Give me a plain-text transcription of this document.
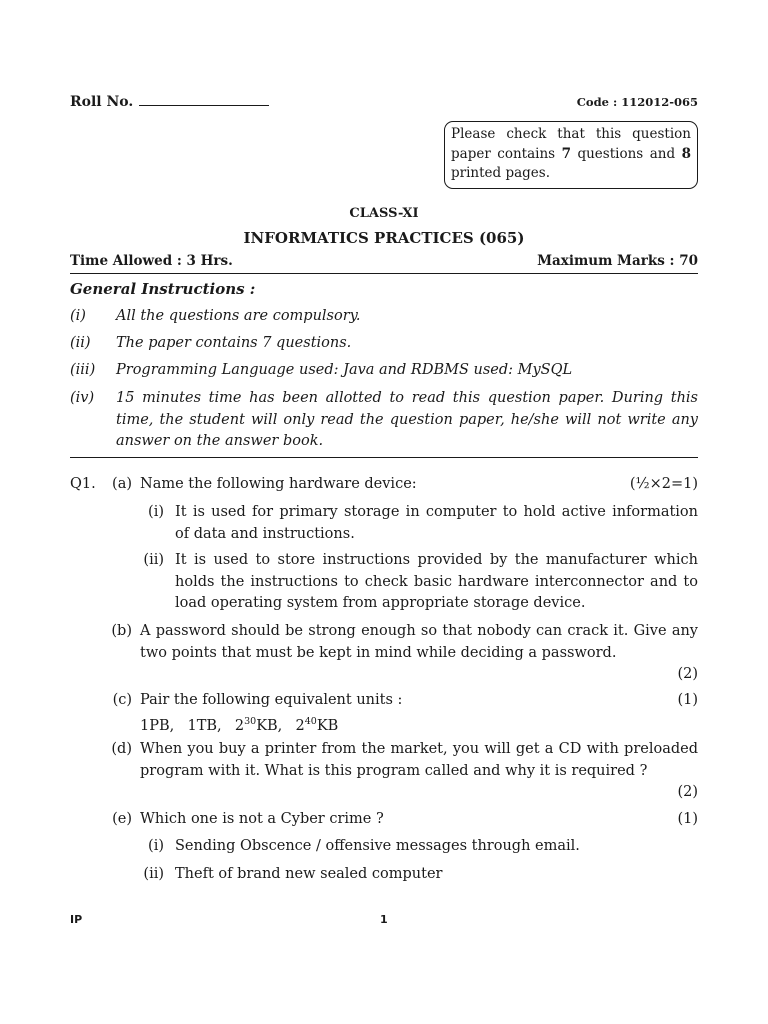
Roll No.	Code : 112012-065
Please check that this question paper contains 7 questions and 8 printed pages.
CLASS-XI
INFORMATICS PRACTICES (065)
Time Allowed : 3 Hrs.	Maximum Marks : 70
General Instructions :
(i) All the questions are compulsory.
(ii) The paper contains 7 questions.
(iii) Programming Language used: Java and RDBMS used: MySQL
(iv) 15 minutes time has been allotted to read this question paper. During this time, the student will only read the question paper, he/she will not write any answer on the answer book.
Q1.	(a) Name the following hardware device:	(½×2=1)
(i) It is used for primary storage in computer to hold active information of data and instructions.
(ii) It is used to store instructions provided by the manufacturer which holds the instructions to check basic hardware interconnector and to load operating system from appropriate storage device.
(b) A password should be strong enough so that nobody can crack it. Give any two points that must be kept in mind while deciding a password.
(2)
(c) Pair the following equivalent units :	(1)
1PB, 1TB, $2^{30}KB$, $2^{40}KB$
(d) When you buy a printer from the market, you will get a CD with preloaded program with it. What is this program called and why it is required ?
(2)
(e) Which one is not a Cyber crime ?	(1)
(i) Sending Obscence / offensive messages through email.
(ii) Theft of brand new sealed computer
IP	1
